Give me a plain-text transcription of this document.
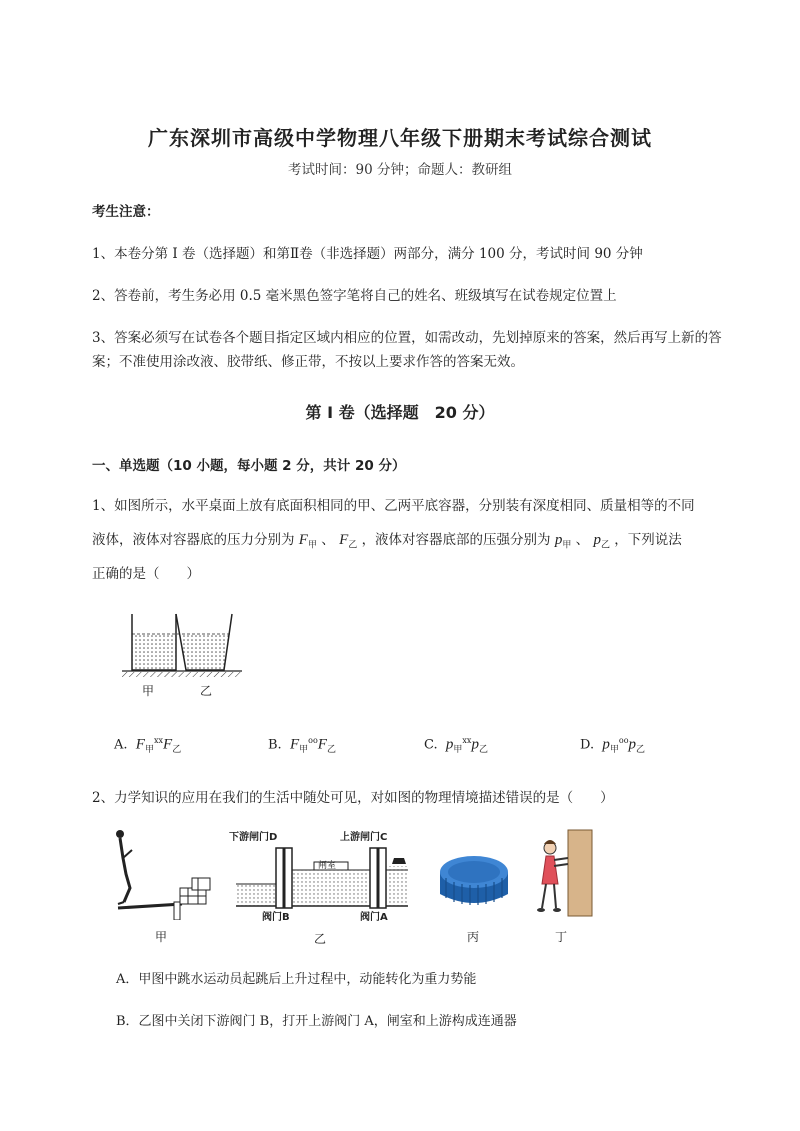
广东深圳市高级中学物理八年级下册期末考试综合测试
考试时间：90 分钟；命题人：教研组
考生注意：
1、本卷分第 I 卷（选择题）和第Ⅱ卷（非选择题）两部分，满分 100 分，考试时间 90 分钟
2、答卷前，考生务必用 0.5 毫米黑色签字笔将自己的姓名、班级填写在试卷规定位置上
3、答案必须写在试卷各个题目指定区域内相应的位置，如需改动，先划掉原来的答案，然后再写上新的答案；不准使用涂改液、胶带纸、修正带，不按以上要求作答的答案无效。
第 I 卷（选择题　20 分）
一、单选题（10 小题，每小题 2 分，共计 20 分）
1、如图所示，水平桌面上放有底面积相同的甲、乙两平底容器，分别装有深度相同、质量相等的不同
液体，液体对容器底的压力分别为 $F_甲$ 、 $F_乙$ ，液体对容器底部的压强分别为 $p_甲$ 、 $p_乙$ ，下列说法
正确的是（　　）
甲	乙
A. $F_甲^{xx}F_乙$	B. $F_甲^{oo}F_乙$	C. $p_甲^{xx}p_乙$	D. $p_甲^{oo}p_乙$
2、力学知识的应用在我们的生活中随处可见，对如图的物理情境描述错误的是（　　）
甲
下游闸门D	上游闸门C
闸室
阀门B	阀门A
乙	丙	丁
A．甲图中跳水运动员起跳后上升过程中，动能转化为重力势能
B．乙图中关闭下游阀门 B，打开上游阀门 A，闸室和上游构成连通器
